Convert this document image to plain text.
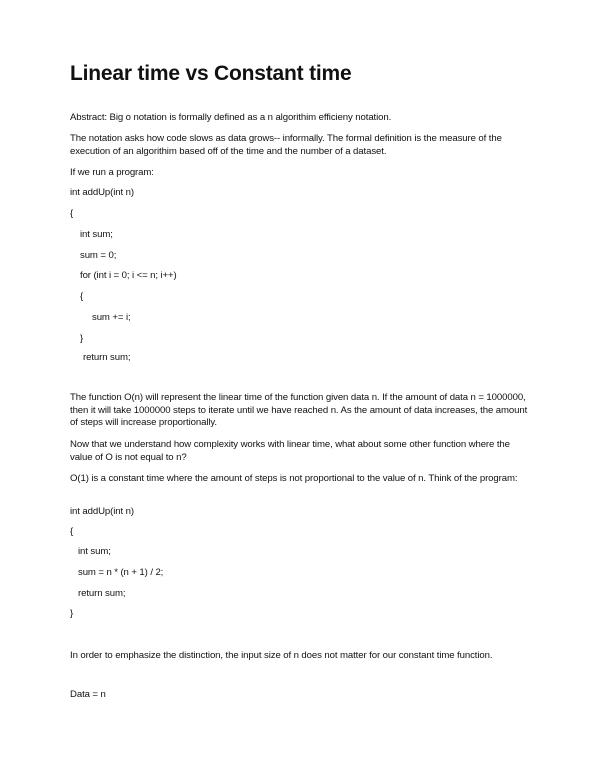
Linear time vs Constant time
Abstract: Big o notation is formally defined as a n algorithim efficieny notation.
The notation asks how code slows as data grows-- informally. The formal definition is the measure of the execution of an algorithim based off of the time and the number of a dataset.
If we run a program:
int addUp(int n)
{
int sum;
sum = 0;
for (int i = 0; i <= n; i++)
{
sum += i;
}
return sum;
The function O(n) will represent the linear time of the function given data n. If the amount of data n = 1000000, then it will take 1000000 steps to iterate until we have reached n. As the amount of data increases, the amount of steps will increase proportionally.
Now that we understand how complexity works with linear time, what about some other function where the value of O is not equal to n?
O(1) is a constant time where the amount of steps is not proportional to the value of n. Think of the program:
int addUp(int n)
{
int sum;
sum = n * (n + 1) / 2;
return sum;
}
In order to emphasize the distinction, the input size of n does not matter for our constant time function.
Data = n
